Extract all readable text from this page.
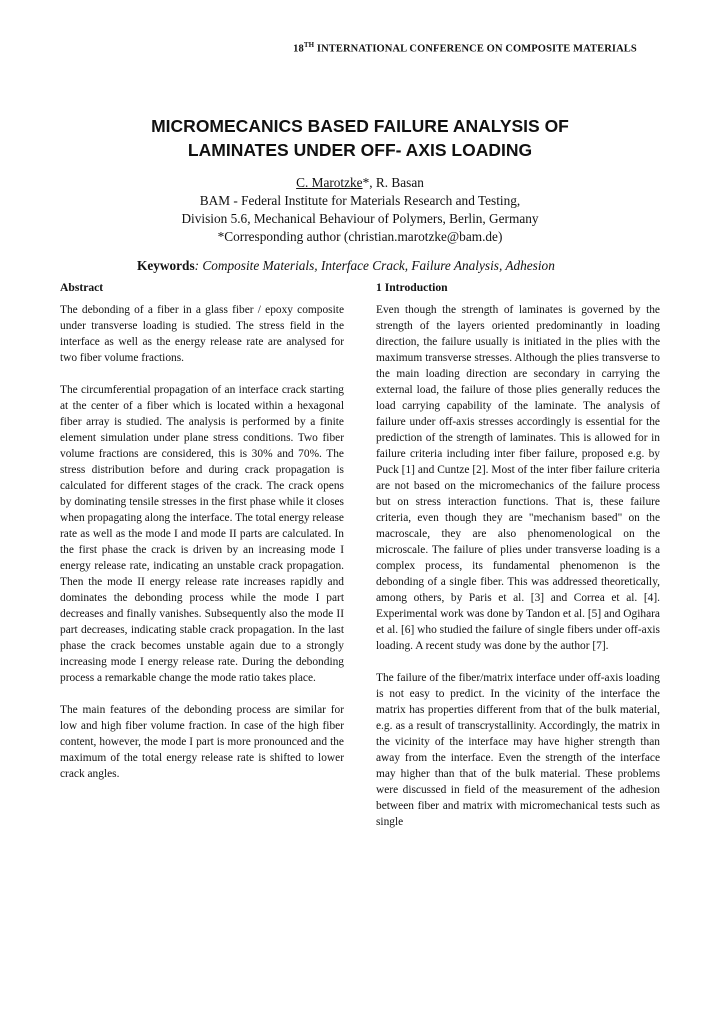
18TH INTERNATIONAL CONFERENCE ON COMPOSITE MATERIALS
MICROMECANICS BASED FAILURE ANALYSIS OF
LAMINATES UNDER OFF- AXIS LOADING
C. Marotzke*, R. Basan
BAM - Federal Institute for Materials Research and Testing,
Division 5.6, Mechanical Behaviour of Polymers, Berlin, Germany
*Corresponding author (christian.marotzke@bam.de)
Keywords: Composite Materials, Interface Crack, Failure Analysis, Adhesion
Abstract

The debonding of a fiber in a glass fiber / epoxy composite under transverse loading is studied. The stress field in the interface as well as the energy release rate are analysed for two fiber volume fractions.

The circumferential propagation of an interface crack starting at the center of a fiber which is located within a hexagonal fiber array is studied. The analysis is performed by a finite element simulation under plane stress conditions. Two fiber volume fractions are considered, this is 30% and 70%. The stress distribution before and during crack propagation is calculated for different stages of the crack. The crack opens by dominating tensile stresses in the first phase while it closes when propagating along the interface. The total energy release rate as well as the mode I and mode II parts are calculated. In the first phase the crack is driven by an increasing mode I energy release rate, indicating an unstable crack propagation. Then the mode II energy release rate increases rapidly and dominates the debonding process while the mode I part decreases and finally vanishes. Subsequently also the mode II part decreases, indicating stable crack propagation. In the last phase the crack becomes unstable again due to a strongly increasing mode I energy release rate. During the debonding process a remarkable change the mode ratio takes place.

The main features of the debonding process are similar for low and high fiber volume fraction. In case of the high fiber content, however, the mode I part is more pronounced and the maximum of the total energy release rate is shifted to lower crack angles.

1 Introduction

Even though the strength of laminates is governed by the strength of the layers oriented predominantly in loading direction, the failure usually is initiated in the plies with the maximum transverse stresses. Although the plies transverse to the main loading direction are secondary in carrying the external load, the failure of those plies generally reduces the load carrying capability of the laminate. The analysis of failure under off-axis stresses accordingly is essential for the prediction of the strength of laminates. This is allowed for in failure criteria including inter fiber failure, proposed e.g. by Puck [1] and Cuntze [2]. Most of the inter fiber failure criteria are not based on the micromechanics of the failure process but on stress interaction functions. That is, these failure criteria, even though they are "mechanism based" on the macroscale, they are also phenomenological on the microscale. The failure of plies under transverse loading is a complex process, its fundamental phenomenon is the debonding of a single fiber. This was addressed theoretically, among others, by Paris et al. [3] and Correa et al. [4]. Experimental work was done by Tandon et al. [5] and Ogihara et al. [6] who studied the failure of single fibers under off-axis loading. A recent study was done by the author [7].

The failure of the fiber/matrix interface under off-axis loading is not easy to predict. In the vicinity of the interface the matrix has properties different from that of the bulk material, e.g. as a result of transcrystallinity. Accordingly, the matrix in the vicinity of the interface may have higher strength than away from the interface. Even the strength of the interface may higher than that of the bulk material. These problems were discussed in field of the measurement of the adhesion between fiber and matrix with micromechanical tests such as single
